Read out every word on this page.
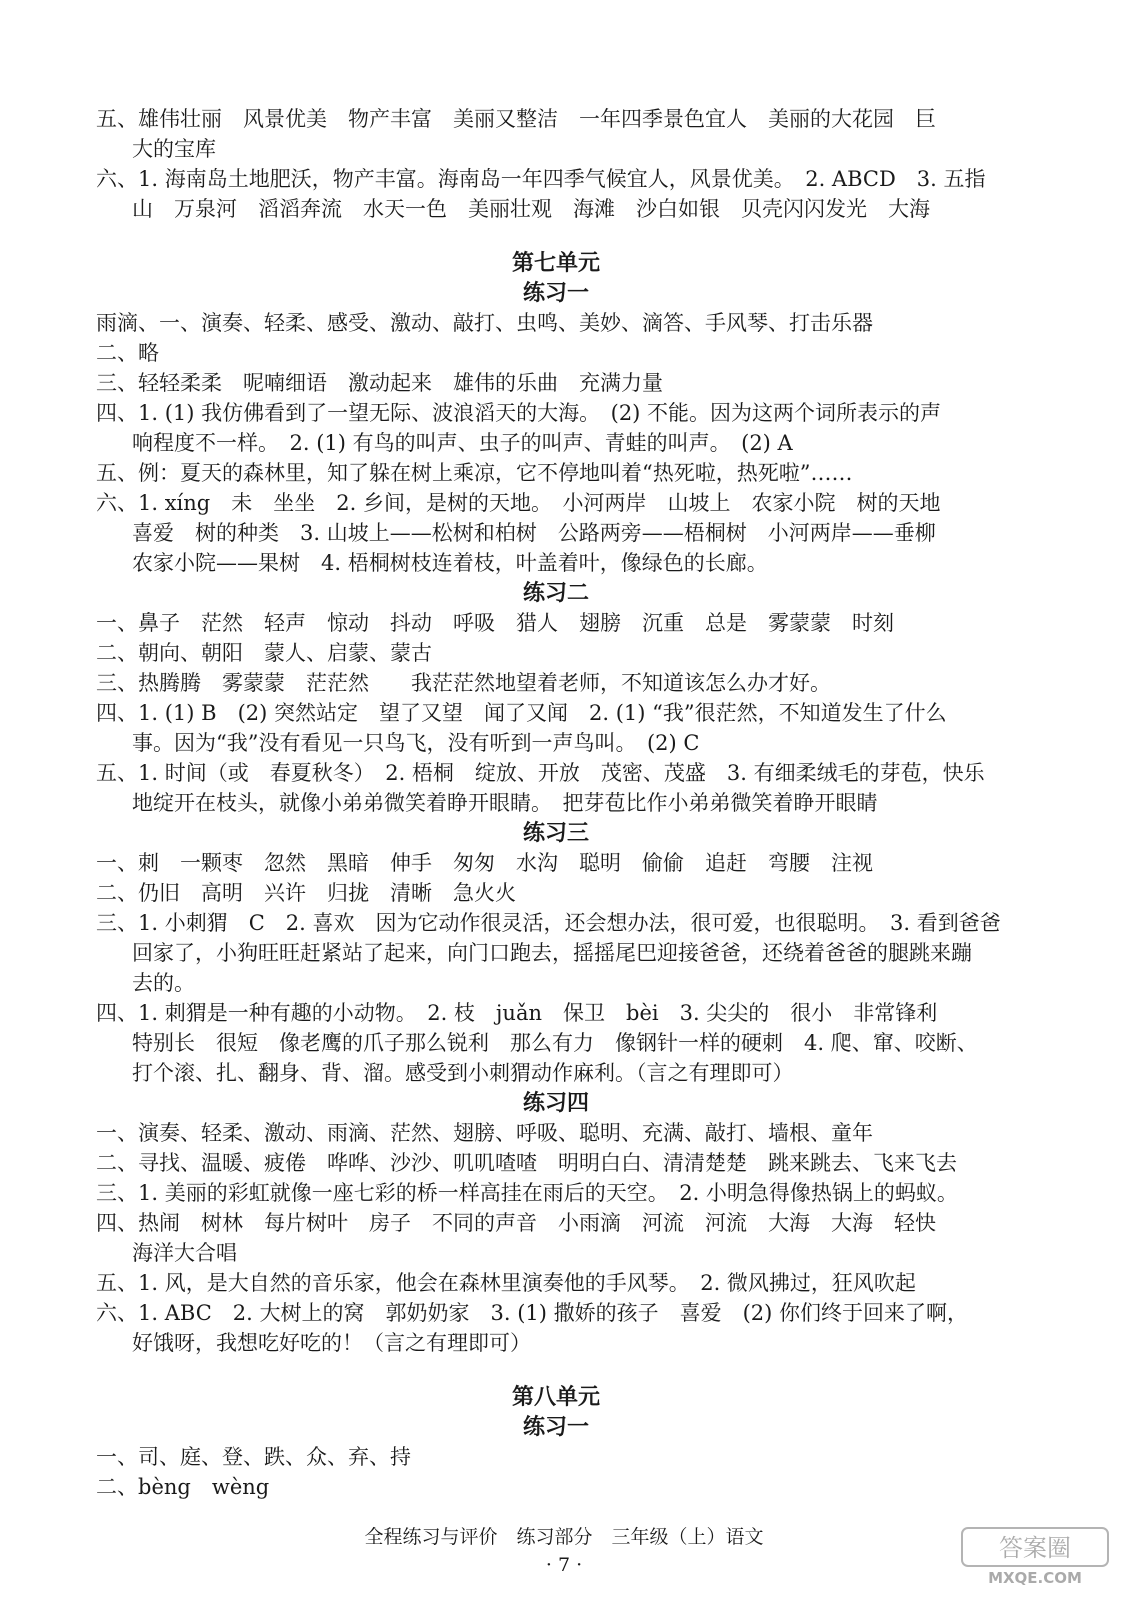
五、雄伟壮丽　风景优美　物产丰富　美丽又整洁　一年四季景色宜人　美丽的大花园　巨
大的宝库
六、1. 海南岛土地肥沃，物产丰富。海南岛一年四季气候宜人，风景优美。　2. ABCD　3. 五指
山　万泉河　滔滔奔流　水天一色　美丽壮观　海滩　沙白如银　贝壳闪闪发光　大海
第七单元
练习一
雨滴、一、演奏、轻柔、感受、激动、敲打、虫鸣、美妙、滴答、手风琴、打击乐器
二、略
三、轻轻柔柔　呢喃细语　激动起来　雄伟的乐曲　充满力量
四、1. (1) 我仿佛看到了一望无际、波浪滔天的大海。　(2) 不能。因为这两个词所表示的声
响程度不一样。　2. (1) 有鸟的叫声、虫子的叫声、青蛙的叫声。　(2) A
五、例：夏天的森林里，知了躲在树上乘凉，它不停地叫着“热死啦，热死啦”……
六、1. xíng　未　坐坐　2. 乡间，是树的天地。　小河两岸　山坡上　农家小院　树的天地
喜爱　树的种类　3. 山坡上——松树和柏树　公路两旁——梧桐树　小河两岸——垂柳
农家小院——果树　4. 梧桐树枝连着枝，叶盖着叶，像绿色的长廊。
练习二
一、鼻子　茫然　轻声　惊动　抖动　呼吸　猎人　翅膀　沉重　总是　雾蒙蒙　时刻
二、朝向、朝阳　蒙人、启蒙、蒙古
三、热腾腾　雾蒙蒙　茫茫然　　我茫茫然地望着老师，不知道该怎么办才好。
四、1. (1) B　(2) 突然站定　望了又望　闻了又闻　2. (1) “我”很茫然，不知道发生了什么
事。因为“我”没有看见一只鸟飞，没有听到一声鸟叫。　(2) C
五、1. 时间（或　春夏秋冬）　2. 梧桐　绽放、开放　茂密、茂盛　3. 有细柔绒毛的芽苞，快乐
地绽开在枝头，就像小弟弟微笑着睁开眼睛。　把芽苞比作小弟弟微笑着睁开眼睛
练习三
一、刺　一颗枣　忽然　黑暗　伸手　匆匆　水沟　聪明　偷偷　追赶　弯腰　注视
二、仍旧　高明　兴许　归拢　清晰　急火火
三、1. 小刺猬　C　2. 喜欢　因为它动作很灵活，还会想办法，很可爱，也很聪明。　3. 看到爸爸
回家了，小狗旺旺赶紧站了起来，向门口跑去，摇摇尾巴迎接爸爸，还绕着爸爸的腿跳来蹦
去的。
四、1. 刺猬是一种有趣的小动物。　2. 枝　juǎn　保卫　bèi　3. 尖尖的　很小　非常锋利
特别长　很短　像老鹰的爪子那么锐利　那么有力　像钢针一样的硬刺　4. 爬、窜、咬断、
打个滚、扎、翻身、背、溜。感受到小刺猬动作麻利。（言之有理即可）
练习四
一、演奏、轻柔、激动、雨滴、茫然、翅膀、呼吸、聪明、充满、敲打、墙根、童年
二、寻找、温暖、疲倦　哗哗、沙沙、叽叽喳喳　明明白白、清清楚楚　跳来跳去、飞来飞去
三、1. 美丽的彩虹就像一座七彩的桥一样高挂在雨后的天空。　2. 小明急得像热锅上的蚂蚁。
四、热闹　树林　每片树叶　房子　不同的声音　小雨滴　河流　河流　大海　大海　轻快
海洋大合唱
五、1. 风，是大自然的音乐家，他会在森林里演奏他的手风琴。　2. 微风拂过，狂风吹起
六、1. ABC　2. 大树上的窝　郭奶奶家　3. (1) 撒娇的孩子　喜爱　(2) 你们终于回来了啊，
好饿呀，我想吃好吃的！（言之有理即可）
第八单元
练习一
一、司、庭、登、跌、众、弃、持
二、bèng　wèng
全程练习与评价　练习部分　三年级（上）语文
· 7 ·
答案圈
MXQE.COM
